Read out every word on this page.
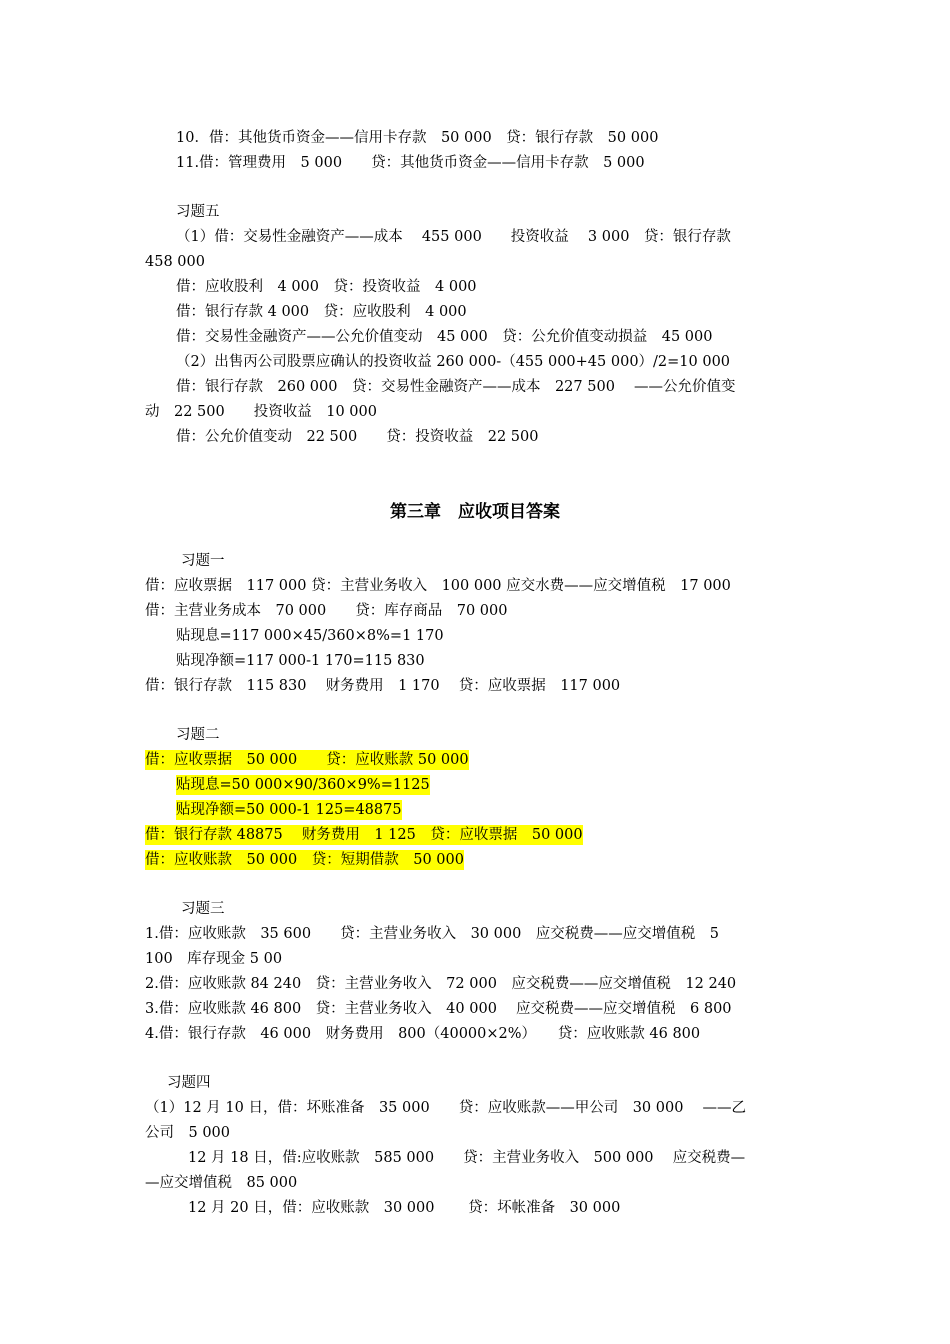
10．借：其他货币资金——信用卡存款　50 000　贷：银行存款　50 000

11.借：管理费用　5 000　　贷：其他货币资金——信用卡存款　5 000

习题五

（1）借：交易性金融资产——成本　 455 000　　投资收益　 3 000　贷：银行存款

458 000

借：应收股利　4 000　贷：投资收益　4 000

借：银行存款 4 000　贷：应收股利　4 000

借：交易性金融资产——公允价值变动　45 000　贷：公允价值变动损益　45 000

（2）出售丙公司股票应确认的投资收益 260 000-（455 000+45 000）/2=10 000

借：银行存款　260 000　贷：交易性金融资产——成本　227 500　 ——公允价值变

动　22 500　　投资收益　10 000

借：公允价值变动　22 500　　贷：投资收益　22 500

第三章　应收项目答案

习题一

借：应收票据　117 000 贷：主营业务收入　100 000 应交水费——应交增值税　17 000

借：主营业务成本　70 000　　贷：库存商品　70 000

贴现息=117 000×45/360×8%=1 170

贴现净额=117 000-1 170=115 830

借：银行存款　115 830　 财务费用　1 170　 贷：应收票据　117 000

习题二

借：应收票据　50 000　　贷：应收账款 50 000

贴现息=50 000×90/360×9%=1125

贴现净额=50 000-1 125=48875

借：银行存款 48875　 财务费用　1 125　贷：应收票据　50 000

借：应收账款　50 000　贷：短期借款　50 000

习题三

1.借：应收账款　35 600　　贷：主营业务收入　30 000　应交税费——应交增值税　5

100　库存现金 5 00

2.借：应收账款 84 240　贷：主营业务收入　72 000　应交税费——应交增值税　12 240

3.借：应收账款 46 800　贷：主营业务收入　40 000　 应交税费——应交增值税　6 800

4.借：银行存款　46 000　财务费用　800（40000×2%）　　贷：应收账款 46 800

习题四

（1）12 月 10 日，借：坏账准备　35 000　　贷：应收账款——甲公司　30 000　 ——乙

公司　5 000

12 月 18 日，借:应收账款　585 000　　贷：主营业务收入　500 000　 应交税费—

—应交增值税　85 000

12 月 20 日，借：应收账款　30 000　　 贷：坏帐准备　30 000
